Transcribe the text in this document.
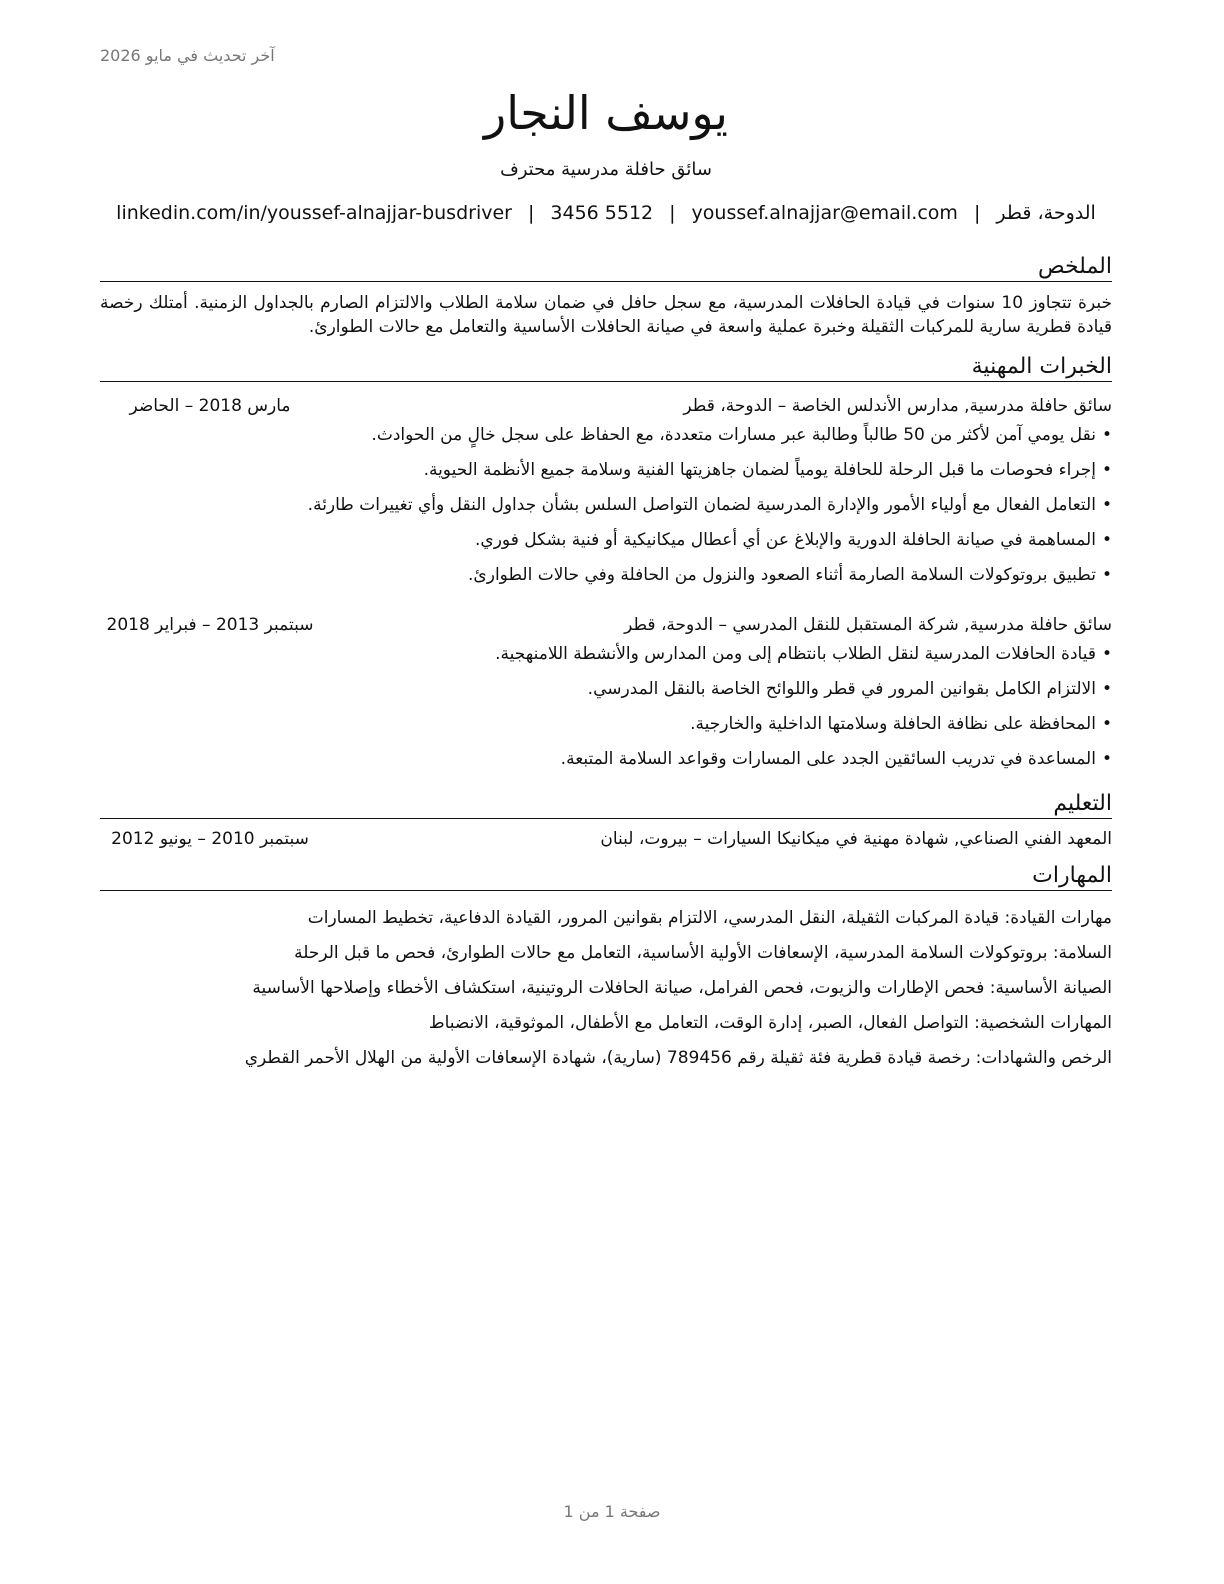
آخر تحديث في مايو 2026
يوسف النجار
سائق حافلة مدرسية محترف
الدوحة، قطر
|
youssef.alnajjar@email.com
|
3456 5512
|
linkedin.com/in/youssef-alnajjar-busdriver
الملخص
خبرة تتجاوز 10 سنوات في قيادة الحافلات المدرسية، مع سجل حافل في ضمان سلامة الطلاب والالتزام الصارم بالجداول الزمنية. أمتلك رخصة قيادة قطرية سارية للمركبات الثقيلة وخبرة عملية واسعة في صيانة الحافلات الأساسية والتعامل مع حالات الطوارئ.
الخبرات المهنية
سائق حافلة مدرسية, مدارس الأندلس الخاصة – الدوحة، قطر
مارس 2018 – الحاضر
•نقل يومي آمن لأكثر من 50 طالباً وطالبة عبر مسارات متعددة، مع الحفاظ على سجل خالٍ من الحوادث.
•إجراء فحوصات ما قبل الرحلة للحافلة يومياً لضمان جاهزيتها الفنية وسلامة جميع الأنظمة الحيوية.
•التعامل الفعال مع أولياء الأمور والإدارة المدرسية لضمان التواصل السلس بشأن جداول النقل وأي تغييرات طارئة.
•المساهمة في صيانة الحافلة الدورية والإبلاغ عن أي أعطال ميكانيكية أو فنية بشكل فوري.
•تطبيق بروتوكولات السلامة الصارمة أثناء الصعود والنزول من الحافلة وفي حالات الطوارئ.
سائق حافلة مدرسية, شركة المستقبل للنقل المدرسي – الدوحة، قطر
سبتمبر 2013 – فبراير 2018
•قيادة الحافلات المدرسية لنقل الطلاب بانتظام إلى ومن المدارس والأنشطة اللامنهجية.
•الالتزام الكامل بقوانين المرور في قطر واللوائح الخاصة بالنقل المدرسي.
•المحافظة على نظافة الحافلة وسلامتها الداخلية والخارجية.
•المساعدة في تدريب السائقين الجدد على المسارات وقواعد السلامة المتبعة.
التعليم
المعهد الفني الصناعي, شهادة مهنية في ميكانيكا السيارات – بيروت، لبنان
سبتمبر 2010 – يونيو 2012
المهارات
مهارات القيادة: قيادة المركبات الثقيلة، النقل المدرسي، الالتزام بقوانين المرور، القيادة الدفاعية، تخطيط المسارات
السلامة: بروتوكولات السلامة المدرسية، الإسعافات الأولية الأساسية، التعامل مع حالات الطوارئ، فحص ما قبل الرحلة
الصيانة الأساسية: فحص الإطارات والزيوت، فحص الفرامل، صيانة الحافلات الروتينية، استكشاف الأخطاء وإصلاحها الأساسية
المهارات الشخصية: التواصل الفعال، الصبر، إدارة الوقت، التعامل مع الأطفال، الموثوقية، الانضباط
الرخص والشهادات: رخصة قيادة قطرية فئة ثقيلة رقم 789456 (سارية)، شهادة الإسعافات الأولية من الهلال الأحمر القطري
صفحة 1 من 1
